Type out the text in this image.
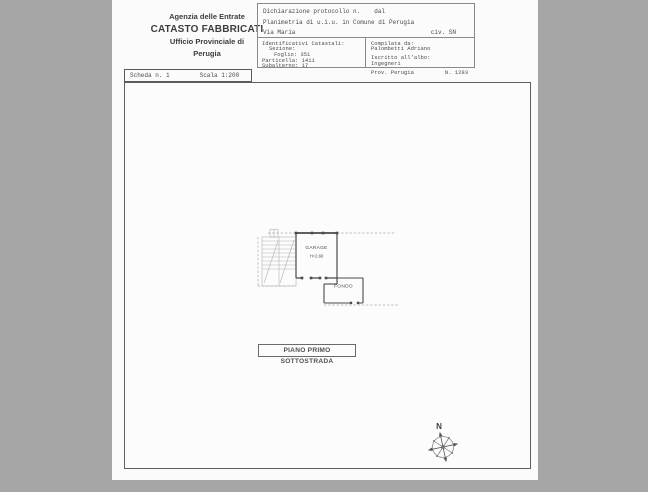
Agenzia delle Entrate
CATASTO FABBRICATI
Ufficio Provinciale di
Perugia
Dichiarazione protocollo n. dal
Planimetria di u.i.u. in Comune di Perugia
Via Maria	civ. SN
Identificativi Catastali:
Sezione:
Foglio: 351
Particella: 1411
Subalterno: 17
Compilata da:
Palombetti Adriano
Iscritto all'albo:
Ingegneri
Prov. Perugia	N. 1293
Scheda n. 1	Scala 1:200
GARAGE
H=2.60
FONDO
PIANO PRIMO SOTTOSTRADA
N
